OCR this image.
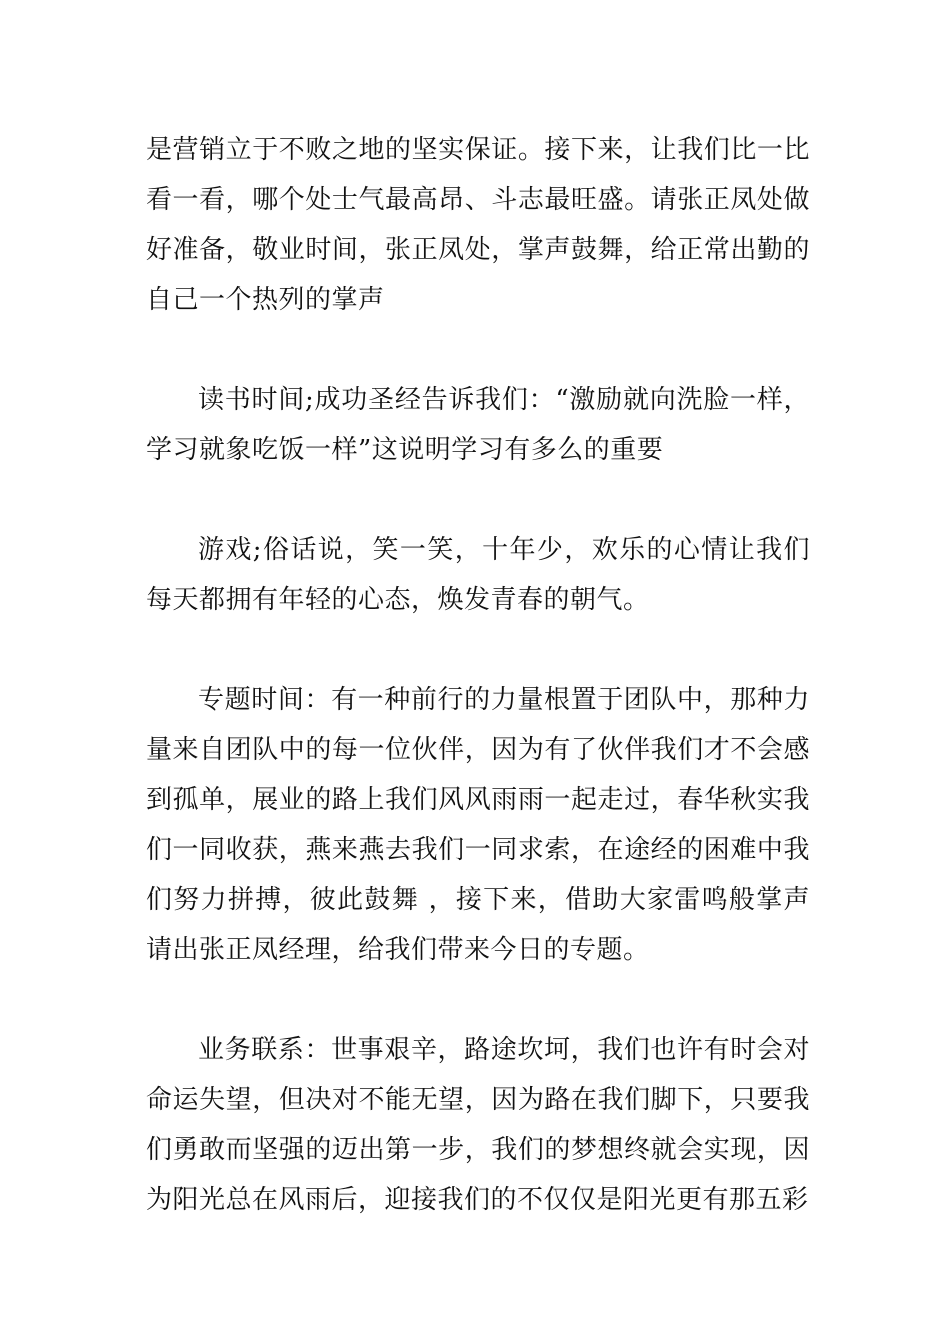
是营销立于不败之地的坚实保证。接下来，让我们比一比看一看，哪个处士气最高昂、斗志最旺盛。请张正凤处做好准备，敬业时间，张正凤处，掌声鼓舞，给正常出勤的自己一个热列的掌声

读书时间;成功圣经告诉我们：“激励就向洗脸一样，学习就象吃饭一样”这说明学习有多么的重要

游戏;俗话说，笑一笑，十年少，欢乐的心情让我们每天都拥有年轻的心态，焕发青春的朝气。

专题时间：有一种前行的力量根置于团队中，那种力量来自团队中的每一位伙伴，因为有了伙伴我们才不会感到孤单，展业的路上我们风风雨雨一起走过，春华秋实我们一同收获，燕来燕去我们一同求索，在途经的困难中我们努力拼搏，彼此鼓舞 ，接下来，借助大家雷鸣般掌声请出张正凤经理，给我们带来今日的专题。

业务联系：世事艰辛，路途坎坷，我们也许有时会对命运失望，但决对不能无望，因为路在我们脚下，只要我们勇敢而坚强的迈出第一步，我们的梦想终就会实现，因为阳光总在风雨后，迎接我们的不仅仅是阳光更有那五彩
